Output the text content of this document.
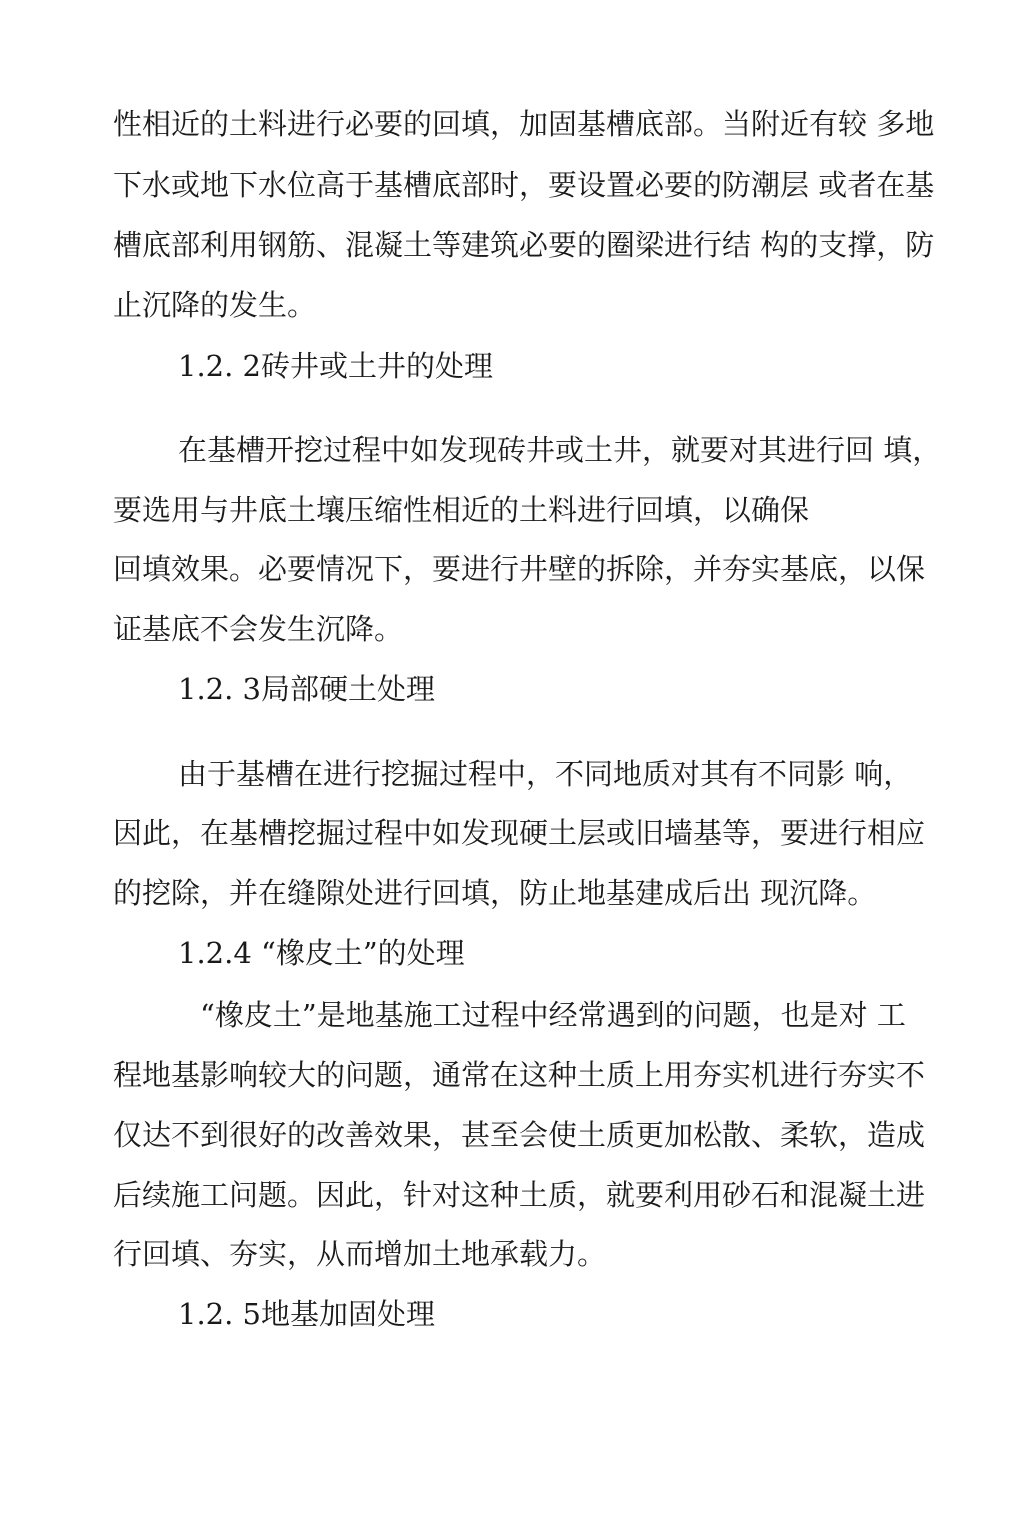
性相近的土料进行必要的回填，加固基槽底部。当附近有较 多地
下水或地下水位高于基槽底部时，要设置必要的防潮层 或者在基
槽底部利用钢筋、混凝土等建筑必要的圈梁进行结 构的支撑，防
止沉降的发生。
1.2. 2砖井或土井的处理
在基槽开挖过程中如发现砖井或土井，就要对其进行回 填，
要选用与井底土壤压缩性相近的土料进行回填，以确保
回填效果。必要情况下，要进行井壁的拆除，并夯实基底，以保
证基底不会发生沉降。
1.2. 3局部硬土处理
由于基槽在进行挖掘过程中，不同地质对其有不同影 响，
因此，在基槽挖掘过程中如发现硬土层或旧墙基等，要进行相应
的挖除，并在缝隙处进行回填，防止地基建成后出 现沉降。
1.2.4 “橡皮土”的处理
“橡皮土”是地基施工过程中经常遇到的问题，也是对 工
程地基影响较大的问题，通常在这种土质上用夯实机进行夯实不
仅达不到很好的改善效果，甚至会使土质更加松散、柔软，造成
后续施工问题。因此，针对这种土质，就要利用砂石和混凝土进
行回填、夯实，从而增加土地承载力。
1.2. 5地基加固处理
